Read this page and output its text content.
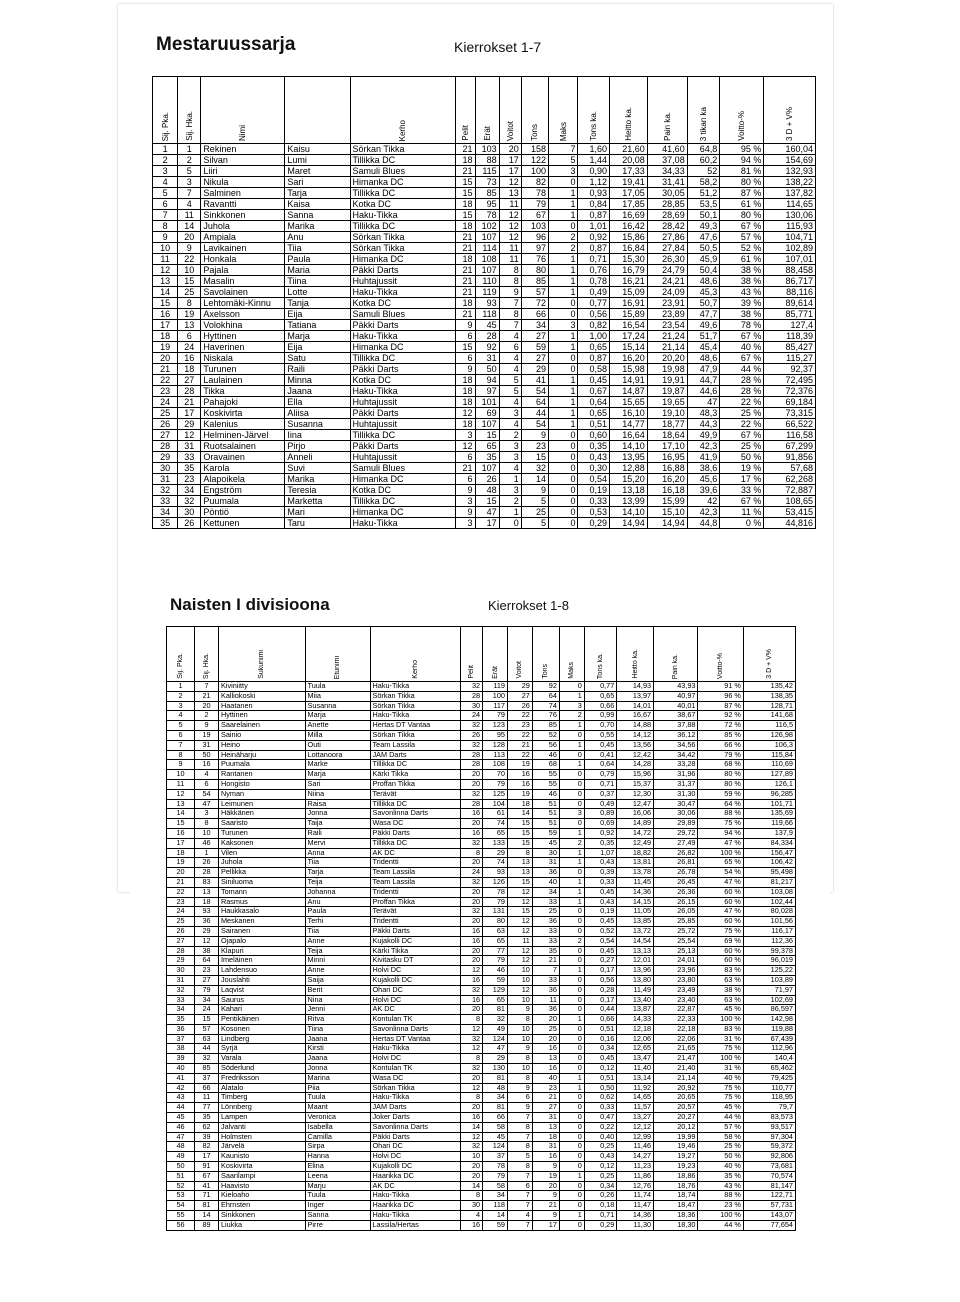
Mestaruussarja	Kierrokset 1-7
Sij. Pka.	Sij. Hka.	Nimi		Kerho	Pelit	Erät	Voitot	Tons	Maks	Tons ka.	Heitto ka.	Pain ka.	3 tikan ka	Voitto-%	3 D + V%

1	1	Rekinen	Kaisu	Sörkan Tikka	21	103	20	158	7	1,60	21,60	41,60	64,8	95 %	160,04
2	2	Silvan	Lumi	Tillikka DC	18	88	17	122	5	1,44	20,08	37,08	60,2	94 %	154,69
3	5	Liiri	Maret	Samuli Blues	21	115	17	100	3	0,90	17,33	34,33	52	81 %	132,93
4	3	Nikula	Sari	Himanka DC	15	73	12	82	0	1,12	19,41	31,41	58,2	80 %	138,22
5	7	Salminen	Tarja	Tillikka DC	15	85	13	78	1	0,93	17,05	30,05	51,2	87 %	137,82
6	4	Ravantti	Kaisa	Kotka DC	18	95	11	79	1	0,84	17,85	28,85	53,5	61 %	114,65
7	11	Sinkkonen	Sanna	Haku-Tikka	15	78	12	67	1	0,87	16,69	28,69	50,1	80 %	130,06
8	14	Juhola	Marika	Tillikka DC	18	102	12	103	0	1,01	16,42	28,42	49,3	67 %	115,93
9	20	Ampiala	Anu	Sörkan Tikka	21	107	12	96	2	0,92	15,86	27,86	47,6	57 %	104,71
10	9	Lavikainen	Tiia	Sörkan Tikka	21	114	11	97	2	0,87	16,84	27,84	50,5	52 %	102,89
11	22	Honkala	Paula	Himanka DC	18	108	11	76	1	0,71	15,30	26,30	45,9	61 %	107,01
12	10	Pajala	Maria	Päkki Darts	21	107	8	80	1	0,76	16,79	24,79	50,4	38 %	88,458
13	15	Masalin	Tiina	Huhtajussit	21	110	8	85	1	0,78	16,21	24,21	48,6	38 %	86,717
14	25	Savolainen	Lotte	Haku-Tikka	21	119	9	57	1	0,49	15,09	24,09	45,3	43 %	88,116
15	8	Lehtomäki-Kinnu	Tanja	Kotka DC	18	93	7	72	0	0,77	16,91	23,91	50,7	39 %	89,614
16	19	Axelsson	Eija	Samuli Blues	21	118	8	66	0	0,56	15,89	23,89	47,7	38 %	85,771
17	13	Volokhina	Tatiana	Päkki Darts	9	45	7	34	3	0,82	16,54	23,54	49,6	78 %	127,4
18	6	Hyttinen	Marja	Haku-Tikka	6	28	4	27	1	1,00	17,24	21,24	51,7	67 %	118,39
19	24	Haverinen	Eija	Himanka DC	15	92	6	59	1	0,65	15,14	21,14	45,4	40 %	85,427
20	16	Niskala	Satu	Tillikka DC	6	31	4	27	0	0,87	16,20	20,20	48,6	67 %	115,27
21	18	Turunen	Raili	Päkki Darts	9	50	4	29	0	0,58	15,98	19,98	47,9	44 %	92,37
22	27	Laulainen	Minna	Kotka DC	18	94	5	41	1	0,45	14,91	19,91	44,7	28 %	72,495
23	28	Tikka	Jaana	Haku-Tikka	18	97	5	54	1	0,67	14,87	19,87	44,6	28 %	72,376
24	21	Pahajoki	Ella	Huhtajussit	18	101	4	64	1	0,64	15,65	19,65	47	22 %	69,184
25	17	Koskivirta	Aliisa	Päkki Darts	12	69	3	44	1	0,65	16,10	19,10	48,3	25 %	73,315
26	29	Kalenius	Susanna	Huhtajussit	18	107	4	54	1	0,51	14,77	18,77	44,3	22 %	66,522
27	12	Helminen-Järvel	Iina	Tillikka DC	3	15	2	9	0	0,60	16,64	18,64	49,9	67 %	116,58
28	31	Ruotsalainen	Pirjo	Päkki Darts	12	65	3	23	0	0,35	14,10	17,10	42,3	25 %	67,299
29	33	Oravainen	Anneli	Huhtajussit	6	35	3	15	0	0,43	13,95	16,95	41,9	50 %	91,856
30	35	Karola	Suvi	Samuli Blues	21	107	4	32	0	0,30	12,88	16,88	38,6	19 %	57,68
31	23	Alapoikela	Marika	Himanka DC	6	26	1	14	0	0,54	15,20	16,20	45,6	17 %	62,268
32	34	Engström	Teresia	Kotka DC	9	48	3	9	0	0,19	13,18	16,18	39,6	33 %	72,887
33	32	Puumala	Marketta	Tillikka DC	3	15	2	5	0	0,33	13,99	15,99	42	67 %	108,65
34	30	Pöntiö	Mari	Himanka DC	9	47	1	25	0	0,53	14,10	15,10	42,3	11 %	53,415
35	26	Kettunen	Taru	Haku-Tikka	3	17	0	5	0	0,29	14,94	14,94	44,8	0 %	44,816
Naisten I divisioona	Kierrokset 1-8
Sij. Pka.	Sij. Hka.	Sukunimi	Etunimi	Kerho	Pelit	Erät	Voitot	Tons	Maks	Tons ka.	Heitto ka.	Pain ka.	Voitto-%	3 D + V%

1	7	Kiviniitty	Tuula	Haku-Tikka	32	119	29	92	0	0,77	14,93	43,93	91 %	135,42
2	21	Kalliokoski	Miia	Sörkan Tikka	28	100	27	64	1	0,65	13,97	40,97	96 %	138,35
3	20	Haatanen	Susanna	Sörkan Tikka	30	117	26	74	3	0,66	14,01	40,01	87 %	128,71
4	2	Hyttinen	Marja	Haku-Tikka	24	79	22	76	2	0,99	16,67	38,67	92 %	141,68
5	9	Saarelainen	Anette	Hertas DT Vantaa	32	123	23	85	1	0,70	14,88	37,88	72 %	116,5
6	19	Sainio	Milla	Sörkan Tikka	26	95	22	52	0	0,55	14,12	36,12	85 %	126,98
7	31	Heino	Outi	Team Lassila	32	128	21	56	1	0,45	13,56	34,56	66 %	106,3
8	50	Heinäharju	Lottanoora	JAM Darts	28	113	22	46	0	0,41	12,42	34,42	79 %	115,84
9	16	Puumala	Marke	Tillikka DC	28	108	19	68	1	0,64	14,28	33,28	68 %	110,69
10	4	Rantanen	Marja	Kärki Tikka	20	70	16	55	0	0,79	15,96	31,96	80 %	127,89
11	6	Hongisto	Sari	Proffan Tikka	20	79	16	55	0	0,71	15,37	31,37	80 %	126,1
12	54	Nyman	Niina	Terävät	32	125	19	46	0	0,37	12,30	31,30	59 %	96,285
13	47	Leimunen	Raisa	Tillikka DC	28	104	18	51	0	0,49	12,47	30,47	64 %	101,71
14	3	Häkkänen	Jonna	Savonlinna Darts	16	61	14	51	3	0,89	16,06	30,06	88 %	135,69
15	8	Saaristo	Taija	Wasa DC	20	74	15	51	0	0,69	14,89	29,89	75 %	119,66
16	10	Turunen	Raili	Päkki Darts	16	65	15	59	1	0,92	14,72	29,72	94 %	137,9
17	46	Kaksonen	Mervi	Tillikka DC	32	133	15	45	2	0,35	12,49	27,49	47 %	84,334
18	1	Vilen	Anna	AK DC	8	29	8	30	1	1,07	18,82	26,82	100 %	156,47
19	26	Juhola	Tiia	Tridentti	20	74	13	31	1	0,43	13,81	26,81	65 %	106,42
20	28	Pellikka	Tarja	Team Lassila	24	93	13	36	0	0,39	13,78	26,78	54 %	95,498
21	83	Siniluoma	Teija	Team Lassila	32	126	15	40	1	0,33	11,45	26,45	47 %	81,217
22	13	Tomann	Johanna	Tridentti	20	78	12	34	1	0,45	14,36	26,36	60 %	103,08
23	18	Rasmus	Anu	Proffan Tikka	20	79	12	33	1	0,43	14,15	26,15	60 %	102,44
24	93	Haukkasalo	Paula	Terävät	32	131	15	25	0	0,19	11,05	26,05	47 %	80,028
25	36	Meskanen	Terhi	Tridentti	20	80	12	36	0	0,45	13,85	25,85	60 %	101,56
26	29	Sairanen	Tiia	Päkki Darts	16	63	12	33	0	0,52	13,72	25,72	75 %	116,17
27	12	Ojapalo	Anne	Kujakolli DC	16	65	11	33	2	0,54	14,54	25,54	69 %	112,36
28	38	Klapuri	Teija	Kärki Tikka	20	77	12	35	0	0,45	13,13	25,13	60 %	99,378
29	64	Imeläinen	Minni	Kivitasku DT	20	79	12	21	0	0,27	12,01	24,01	60 %	96,019
30	23	Lahdensuo	Anne	Holvi DC	12	46	10	7	1	0,17	13,96	23,96	83 %	125,22
31	27	Jouslahti	Saija	Kujakolli DC	16	59	10	33	0	0,56	13,80	23,80	63 %	103,89
32	79	Laqvist	Berit	Ohari DC	32	129	12	36	0	0,28	11,49	23,49	38 %	71,97
33	34	Saurus	Nina	Holvi DC	16	65	10	11	0	0,17	13,40	23,40	63 %	102,69
34	24	Kahari	Jenni	AK DC	20	81	9	36	0	0,44	13,87	22,87	45 %	86,597
35	15	Pentikäinen	Ritva	Kontulan TK	8	32	8	20	1	0,66	14,33	22,33	100 %	142,98
36	57	Kosonen	Tiina	Savonlinna Darts	12	49	10	25	0	0,51	12,18	22,18	83 %	119,88
37	63	Lindberg	Jaana	Hertas DT Vantaa	32	124	10	20	0	0,16	12,06	22,06	31 %	67,439
38	44	Syrjä	Kirsti	Haku-Tikka	12	47	9	16	0	0,34	12,65	21,65	75 %	112,96
39	32	Varala	Jaana	Holvi DC	8	29	8	13	0	0,45	13,47	21,47	100 %	140,4
40	85	Söderlund	Jonna	Kontulan TK	32	130	10	16	0	0,12	11,40	21,40	31 %	65,462
41	37	Fredriksson	Marina	Wasa DC	20	81	8	40	1	0,51	13,14	21,14	40 %	79,425
42	66	Alatalo	Piia	Sörkan Tikka	12	48	9	23	1	0,50	11,92	20,92	75 %	110,77
43	11	Timberg	Tuula	Haku-Tikka	8	34	6	21	0	0,62	14,65	20,65	75 %	118,95
44	77	Lönnberg	Maarit	JAM Darts	20	81	9	27	0	0,33	11,57	20,57	45 %	79,7
45	35	Lampen	Veronica	Joker Darts	16	66	7	31	0	0,47	13,27	20,27	44 %	83,573
46	62	Jalvanti	Isabella	Savonlinna Darts	14	58	8	13	0	0,22	12,12	20,12	57 %	93,517
47	39	Holmsten	Camilla	Päkki Darts	12	45	7	18	0	0,40	12,99	19,99	58 %	97,304
48	82	Järvelä	Sirpa	Ohari DC	32	124	8	31	0	0,25	11,46	19,46	25 %	59,372
49	17	Kaunisto	Hanna	Holvi DC	10	37	5	16	0	0,43	14,27	19,27	50 %	92,806
50	91	Koskivirta	Elina	Kujakolli DC	20	78	8	9	0	0,12	11,23	19,23	40 %	73,681
51	67	Saarilampi	Leena	Haarikka DC	20	79	7	19	1	0,25	11,86	18,86	35 %	70,574
52	41	Haavisto	Marju	AK DC	14	58	6	20	0	0,34	12,76	18,76	43 %	81,147
53	71	Kieloaho	Tuula	Haku-Tikka	8	34	7	9	0	0,26	11,74	18,74	88 %	122,71
54	81	Ehrnsten	Inger	Haarikka DC	30	118	7	21	0	0,18	11,47	18,47	23 %	57,731
55	14	Sinkkonen	Sanna	Haku-Tikka	4	14	4	9	1	0,71	14,36	18,36	100 %	143,07
56	89	Liukka	Pirre	Lassila/Hertas	16	59	7	17	0	0,29	11,30	18,30	44 %	77,654
